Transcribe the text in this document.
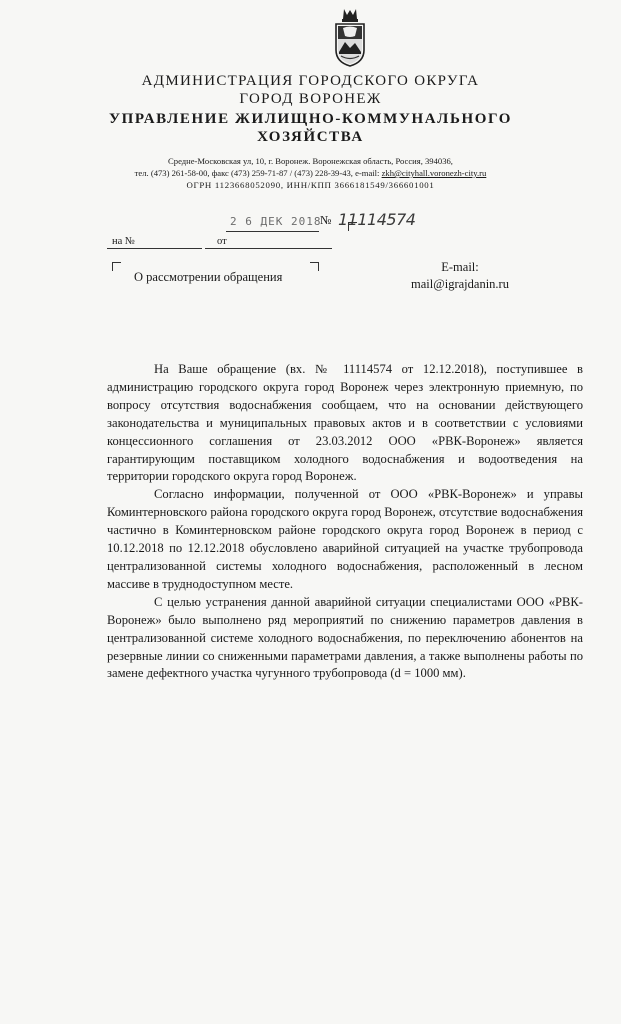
АДМИНИСТРАЦИЯ ГОРОДСКОГО ОКРУГА
ГОРОД ВОРОНЕЖ
УПРАВЛЕНИЕ ЖИЛИЩНО-КОММУНАЛЬНОГО
ХОЗЯЙСТВА
Средне-Московская ул, 10, г. Воронеж. Воронежская область, Россия, 394036,
тел. (473) 261-58-00, факс (473) 259-71-87 / (473) 228-39-43, e-mail: zkh@cityhall.voronezh-city.ru
ОГРН 1123668052090, ИНН/КПП 3666181549/366601001
2 6 ДЕК 2018
№ 11114574
на №	от
О рассмотрении обращения
E-mail:
mail@igrajdanin.ru

На Ваше обращение (вх. № 11114574 от 12.12.2018), поступившее в администрацию городского округа город Воронеж через электронную приемную, по вопросу отсутствия водоснабжения сообщаем, что на основании действующего законодательства и муниципальных правовых актов и в соответствии с условиями концессионного соглашения от 23.03.2012 ООО «РВК-Воронеж» является гарантирующим поставщиком холодного водоснабжения и водоотведения на территории городского округа город Воронеж.

Согласно информации, полученной от ООО «РВК-Воронеж» и управы Коминтерновского района городского округа город Воронеж, отсутствие водоснабжения частично в Коминтерновском районе городского округа город Воронеж в период с 10.12.2018 по 12.12.2018 обусловлено аварийной ситуацией на участке трубопровода централизованной системы холодного водоснабжения, расположенный в лесном массиве в труднодоступном месте.

С целью устранения данной аварийной ситуации специалистами ООО «РВК-Воронеж» было выполнено ряд мероприятий по снижению параметров давления в централизованной системе холодного водоснабжения, по переключению абонентов на резервные линии со сниженными параметрами давления, а также выполнены работы по замене дефектного участка чугунного трубопровода (d = 1000 мм).
